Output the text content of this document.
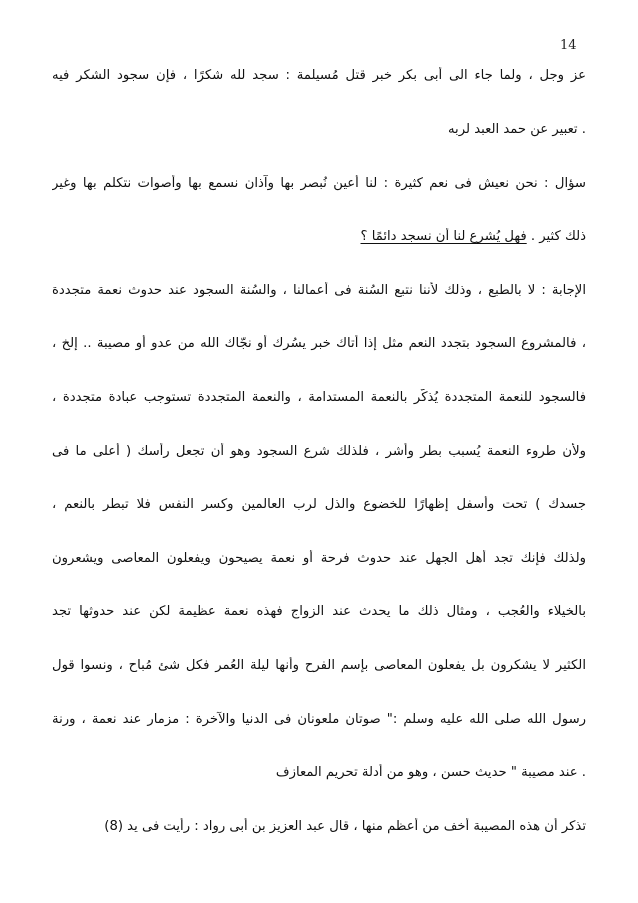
14
عز وجل ، ولما جاء الى أبى بكر خبر قتل مُسيلمة : سجد لله شكرًا ، فإن سجود الشكر فيه
. تعبير عن حمد العبد لربه
سؤال : نحن نعيش فى نعم كثيرة : لنا أعين نُبصر بها وآذان نسمع بها وأصوات نتكلم بها وغير
ذلك كثير . فهل يُشرع لنا أن نسجد دائمًا ؟
الإجابة : لا بالطبع ، وذلك لأننا نتبع السُنة فى أعمالنا ، والسُنة السجود عند حدوث نعمة متجددة
، فالمشروع السجود بتجدد النعم مثل إذا أتاك خبر يسُرك أو نجّاك الله من عدو أو مصيبة .. إلخ ،
فالسجود للنعمة المتجددة يُذكّر بالنعمة المستدامة ، والنعمة المتجددة تستوجب عبادة متجددة ،
ولأن طروء النعمة يُسبب بطر وأشر ، فلذلك شرع السجود وهو أن تجعل رأسك ( أعلى ما فى
جسدك ) تحت وأسفل إظهارًا للخضوع والذل لرب العالمين وكسر النفس فلا تبطر بالنعم ،
ولذلك فإنك تجد أهل الجهل عند حدوث فرحة أو نعمة يصيحون ويفعلون المعاصى ويشعرون
بالخيلاء والعُجب ، ومثال ذلك ما يحدث عند الزواج فهذه نعمة عظيمة لكن عند حدوثها تجد
الكثير لا يشكرون بل يفعلون المعاصى بإسم الفرح وأنها ليلة العُمر فكل شئ مُباح ، ونسوا قول
رسول الله صلى الله عليه وسلم :" صوتان ملعونان فى الدنيا والآخرة : مزمار عند نعمة ، ورنة
. عند مصيبة " حديث حسن ، وهو من أدلة تحريم المعازف
تذكر أن هذه المصيبة أخف من أعظم منها ، قال عبد العزيز بن أبى رواد : رأيت فى يد (8)
